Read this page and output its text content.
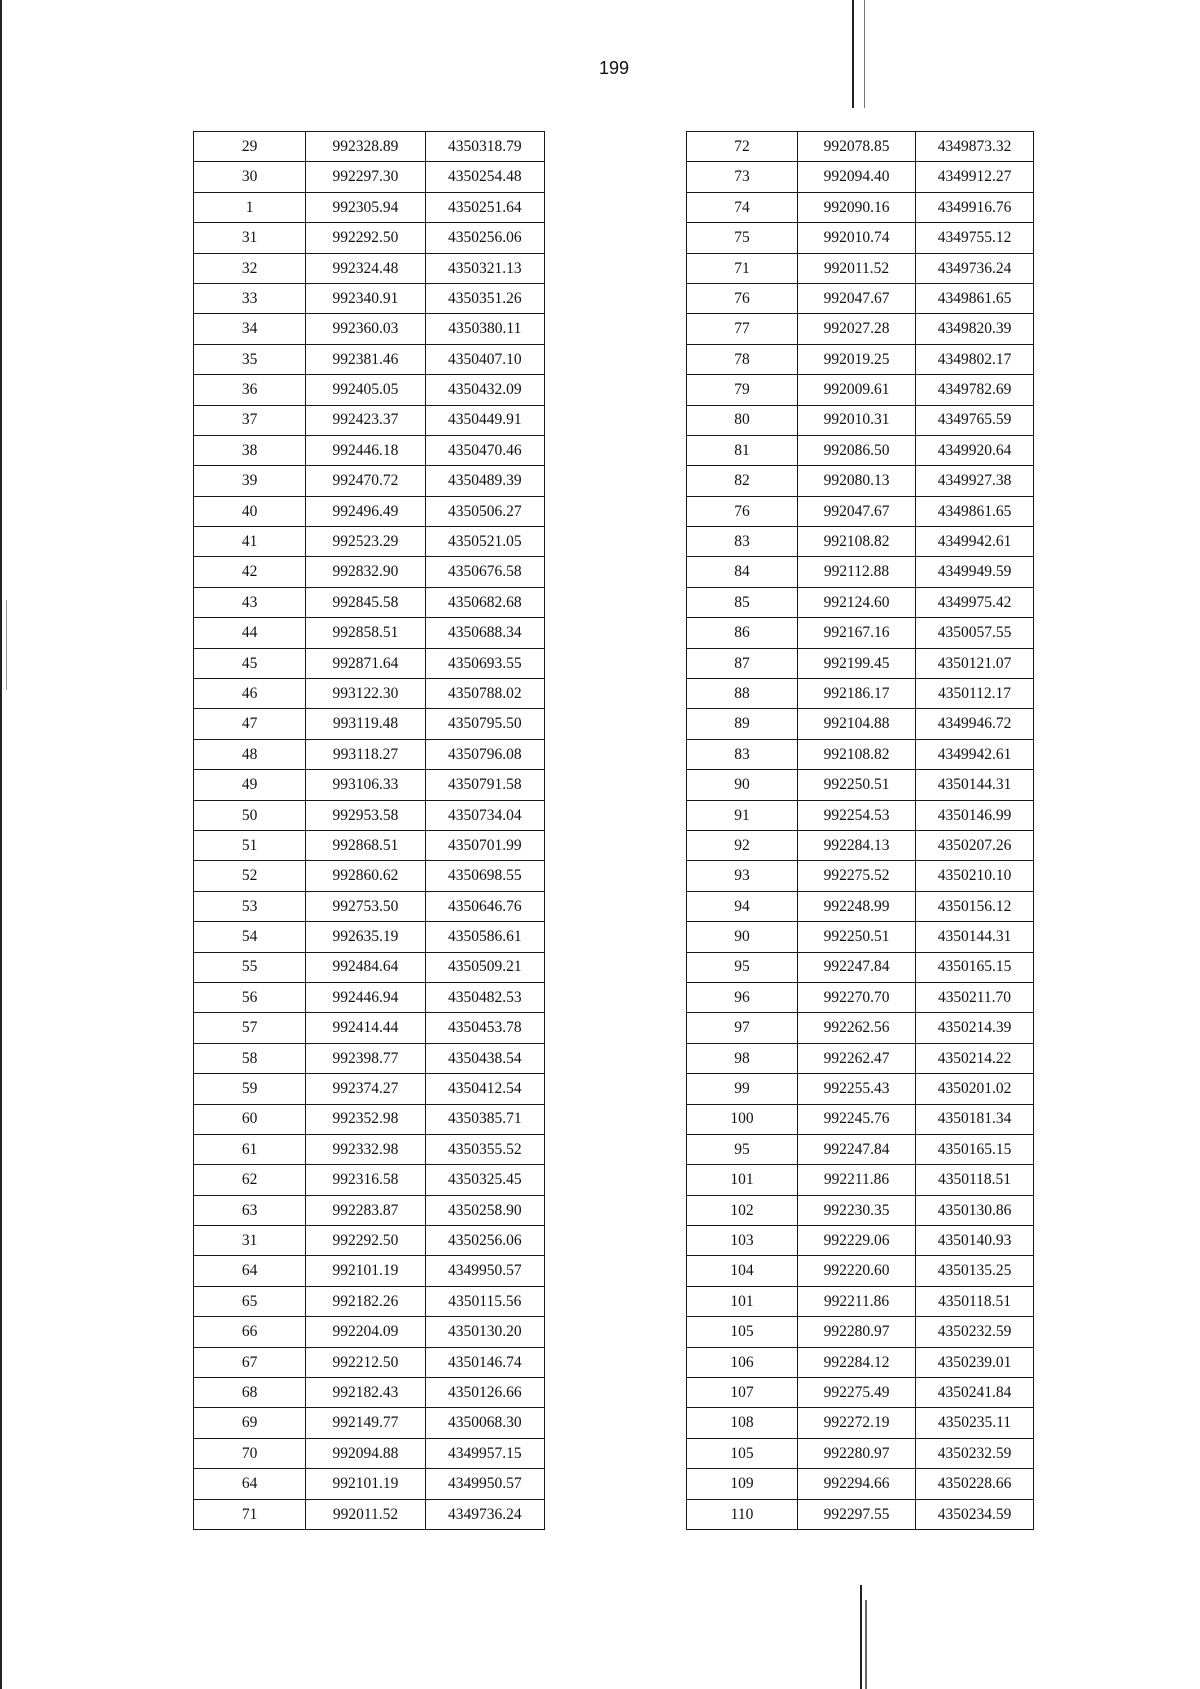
199
29	992328.89	4350318.79
30	992297.30	4350254.48
1	992305.94	4350251.64
31	992292.50	4350256.06
32	992324.48	4350321.13
33	992340.91	4350351.26
34	992360.03	4350380.11
35	992381.46	4350407.10
36	992405.05	4350432.09
37	992423.37	4350449.91
38	992446.18	4350470.46
39	992470.72	4350489.39
40	992496.49	4350506.27
41	992523.29	4350521.05
42	992832.90	4350676.58
43	992845.58	4350682.68
44	992858.51	4350688.34
45	992871.64	4350693.55
46	993122.30	4350788.02
47	993119.48	4350795.50
48	993118.27	4350796.08
49	993106.33	4350791.58
50	992953.58	4350734.04
51	992868.51	4350701.99
52	992860.62	4350698.55
53	992753.50	4350646.76
54	992635.19	4350586.61
55	992484.64	4350509.21
56	992446.94	4350482.53
57	992414.44	4350453.78
58	992398.77	4350438.54
59	992374.27	4350412.54
60	992352.98	4350385.71
61	992332.98	4350355.52
62	992316.58	4350325.45
63	992283.87	4350258.90
31	992292.50	4350256.06
64	992101.19	4349950.57
65	992182.26	4350115.56
66	992204.09	4350130.20
67	992212.50	4350146.74
68	992182.43	4350126.66
69	992149.77	4350068.30
70	992094.88	4349957.15
64	992101.19	4349950.57
71	992011.52	4349736.24
72	992078.85	4349873.32
73	992094.40	4349912.27
74	992090.16	4349916.76
75	992010.74	4349755.12
71	992011.52	4349736.24
76	992047.67	4349861.65
77	992027.28	4349820.39
78	992019.25	4349802.17
79	992009.61	4349782.69
80	992010.31	4349765.59
81	992086.50	4349920.64
82	992080.13	4349927.38
76	992047.67	4349861.65
83	992108.82	4349942.61
84	992112.88	4349949.59
85	992124.60	4349975.42
86	992167.16	4350057.55
87	992199.45	4350121.07
88	992186.17	4350112.17
89	992104.88	4349946.72
83	992108.82	4349942.61
90	992250.51	4350144.31
91	992254.53	4350146.99
92	992284.13	4350207.26
93	992275.52	4350210.10
94	992248.99	4350156.12
90	992250.51	4350144.31
95	992247.84	4350165.15
96	992270.70	4350211.70
97	992262.56	4350214.39
98	992262.47	4350214.22
99	992255.43	4350201.02
100	992245.76	4350181.34
95	992247.84	4350165.15
101	992211.86	4350118.51
102	992230.35	4350130.86
103	992229.06	4350140.93
104	992220.60	4350135.25
101	992211.86	4350118.51
105	992280.97	4350232.59
106	992284.12	4350239.01
107	992275.49	4350241.84
108	992272.19	4350235.11
105	992280.97	4350232.59
109	992294.66	4350228.66
110	992297.55	4350234.59
